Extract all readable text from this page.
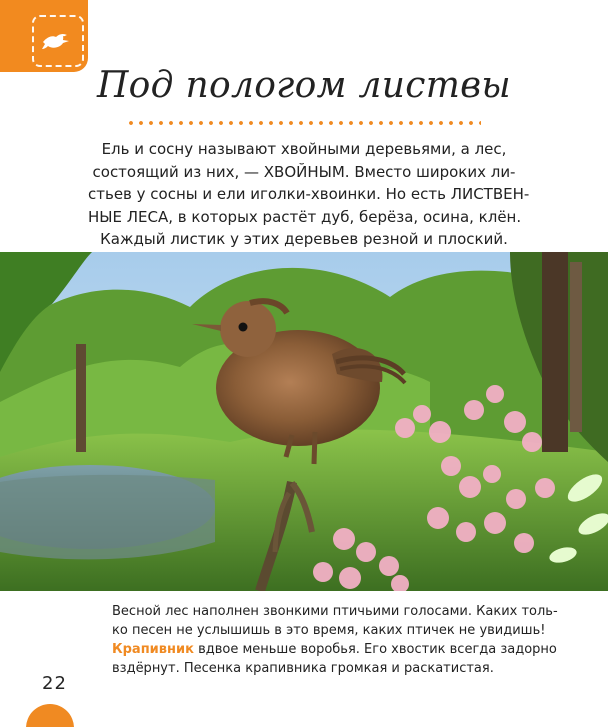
Под пологом листвы
Ель и сосну называют хвойными деревьями, а лес,
состоящий из них, — ХВОЙНЫМ. Вместо широких ли-
стьев у сосны и ели иголки-хвоинки. Но есть ЛИСТВЕН-
НЫЕ ЛЕСА, в которых растёт дуб, берёза, осина, клён.
Каждый листик у этих деревьев резной и плоский.
Весной лес наполнен звонкими птичьими голосами. Каких толь-
ко песен не услышишь в это время, каких птичек не увидишь!
Крапивник вдвое меньше воробья. Его хвостик всегда задорно
вздёрнут. Песенка крапивника громкая и раскатистая.
22
